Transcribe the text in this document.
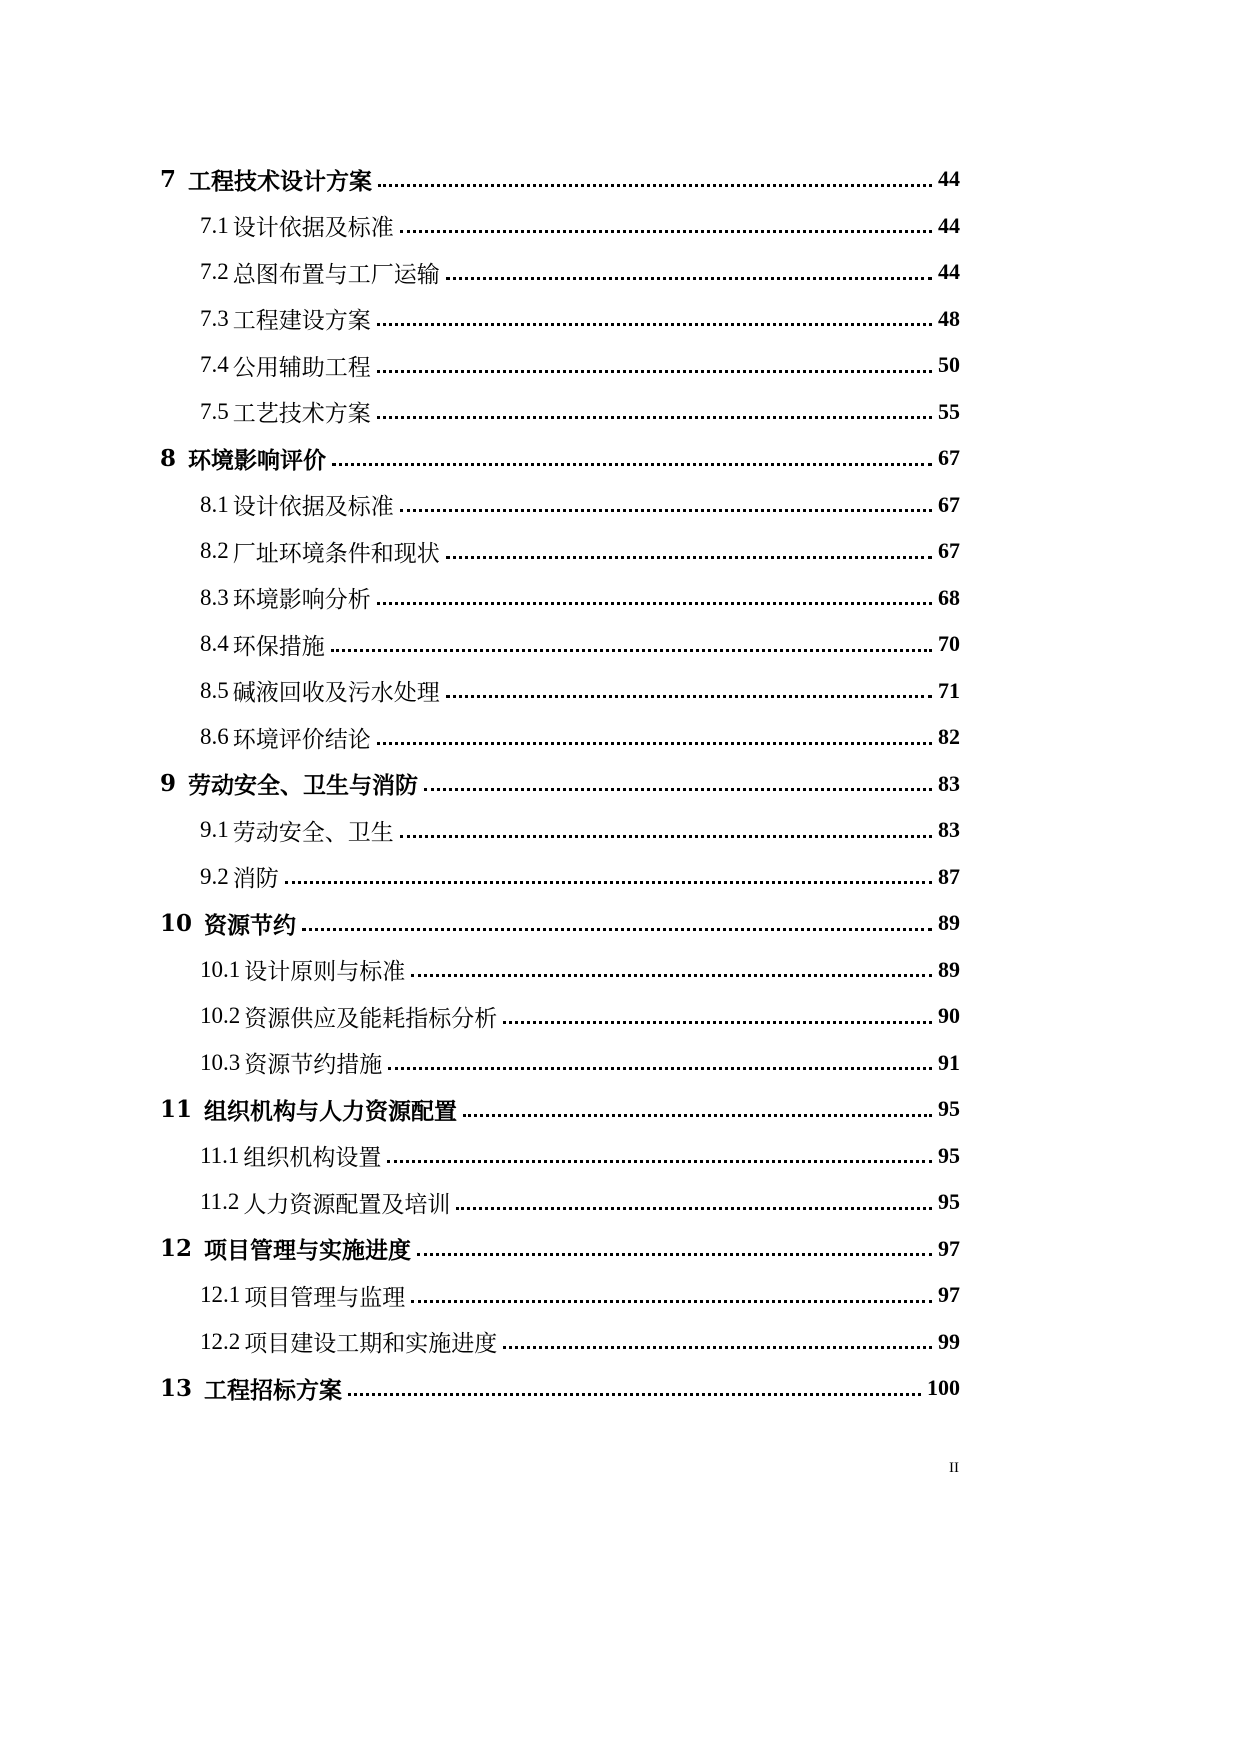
7 工程技术设计方案	44
7.1 设计依据及标准	44
7.2 总图布置与工厂运输	44
7.3 工程建设方案	48
7.4 公用辅助工程	50
7.5 工艺技术方案	55
8 环境影响评价	67
8.1 设计依据及标准	67
8.2 厂址环境条件和现状	67
8.3 环境影响分析	68
8.4 环保措施	70
8.5 碱液回收及污水处理	71
8.6 环境评价结论	82
9 劳动安全、卫生与消防	83
9.1 劳动安全、卫生	83
9.2 消防	87
10 资源节约	89
10.1 设计原则与标准	89
10.2 资源供应及能耗指标分析	90
10.3 资源节约措施	91
11 组织机构与人力资源配置	95
11.1 组织机构设置	95
11.2 人力资源配置及培训	95
12 项目管理与实施进度	97
12.1 项目管理与监理	97
12.2 项目建设工期和实施进度	99
13 工程招标方案	100
II
